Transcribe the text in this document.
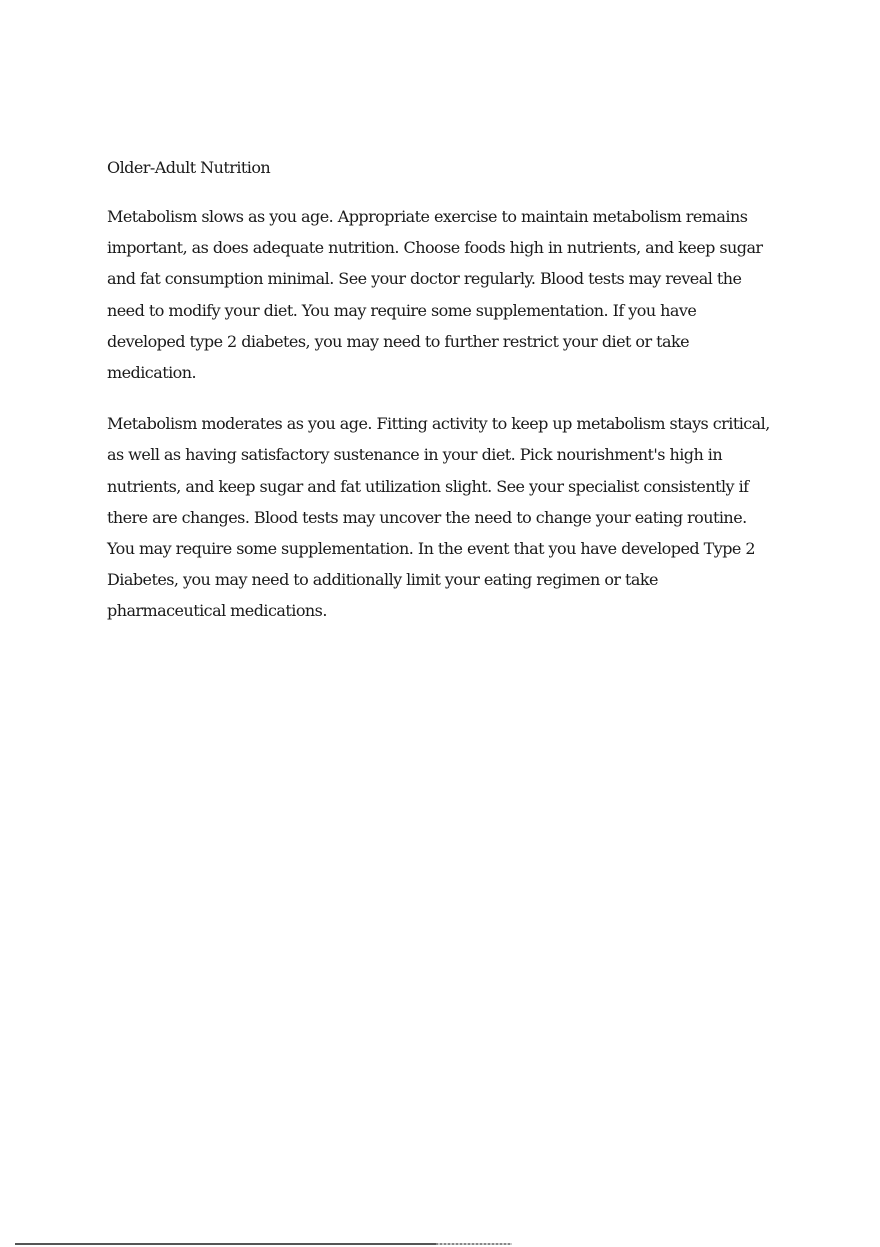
Older-Adult Nutrition

Metabolism slows as you age. Appropriate exercise to maintain metabolism remains important, as does adequate nutrition. Choose foods high in nutrients, and keep sugar and fat consumption minimal. See your doctor regularly. Blood tests may reveal the need to modify your diet. You may require some supplementation. If you have developed type 2 diabetes, you may need to further restrict your diet or take medication.

Metabolism moderates as you age. Fitting activity to keep up metabolism stays critical, as well as having satisfactory sustenance in your diet. Pick nourishment's high in nutrients, and keep sugar and fat utilization slight. See your specialist consistently if there are changes. Blood tests may uncover the need to change your eating routine. You may require some supplementation. In the event that you have developed Type 2 Diabetes, you may need to additionally limit your eating regimen or take pharmaceutical medications.
